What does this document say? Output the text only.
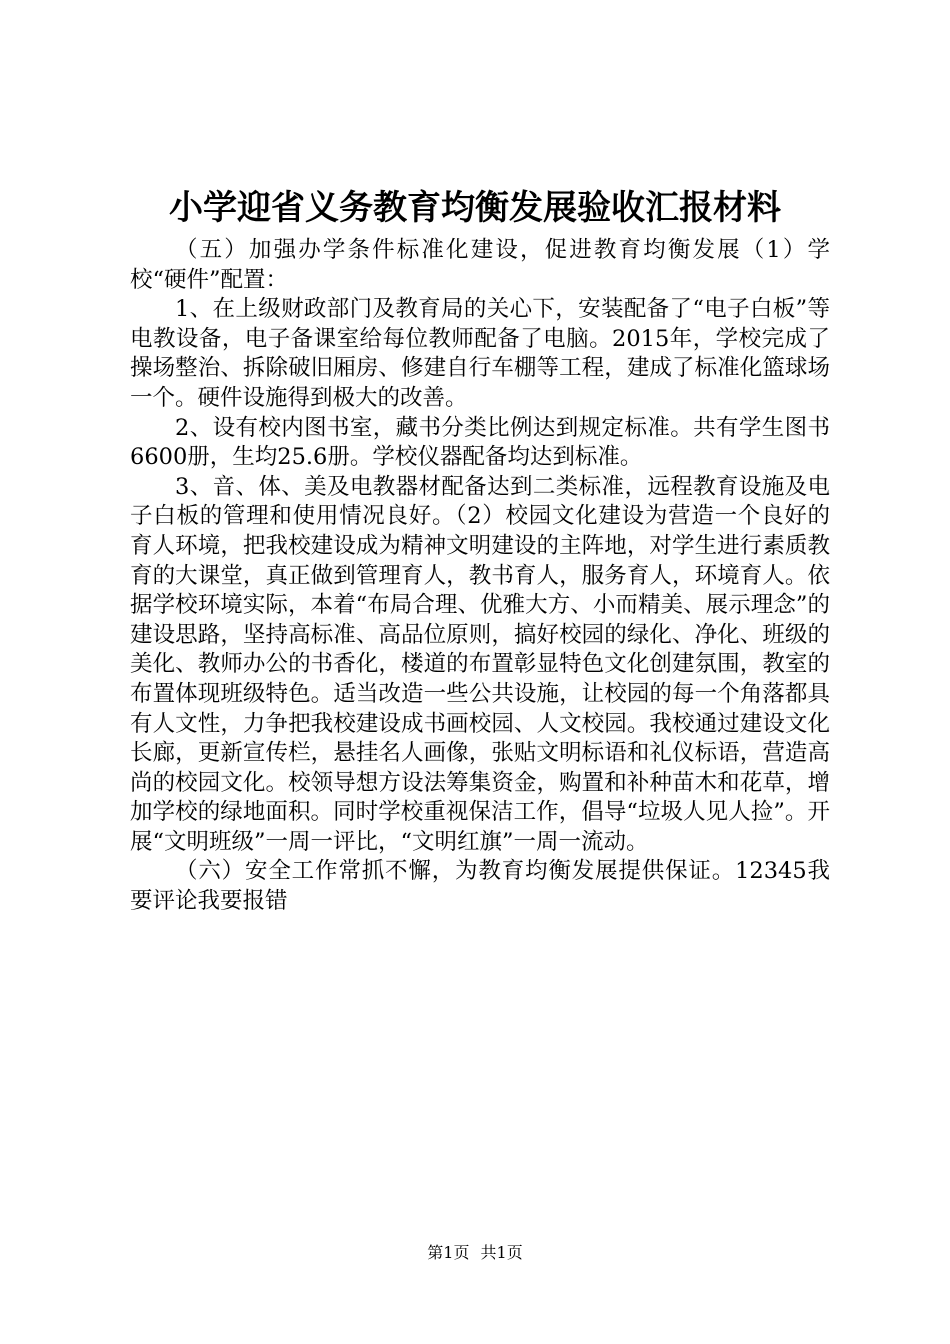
小学迎省义务教育均衡发展验收汇报材料

（五）加强办学条件标准化建设，促进教育均衡发展（1）学校“硬件”配置：

1、在上级财政部门及教育局的关心下，安装配备了“电子白板”等电教设备，电子备课室给每位教师配备了电脑。2015年，学校完成了操场整治、拆除破旧厢房、修建自行车棚等工程，建成了标准化篮球场一个。硬件设施得到极大的改善。

2、设有校内图书室，藏书分类比例达到规定标准。共有学生图书6600册，生均25.6册。学校仪器配备均达到标准。

3、音、体、美及电教器材配备达到二类标准，远程教育设施及电子白板的管理和使用情况良好。（2）校园文化建设为营造一个良好的育人环境，把我校建设成为精神文明建设的主阵地，对学生进行素质教育的大课堂，真正做到管理育人，教书育人，服务育人，环境育人。依据学校环境实际，本着“布局合理、优雅大方、小而精美、展示理念”的建设思路，坚持高标准、高品位原则，搞好校园的绿化、净化、班级的美化、教师办公的书香化，楼道的布置彰显特色文化创建氛围，教室的布置体现班级特色。适当改造一些公共设施，让校园的每一个角落都具有人文性，力争把我校建设成书画校园、人文校园。我校通过建设文化长廊，更新宣传栏，悬挂名人画像，张贴文明标语和礼仪标语，营造高尚的校园文化。校领导想方设法筹集资金，购置和补种苗木和花草，增加学校的绿地面积。同时学校重视保洁工作，倡导“垃圾人见人捡”。开展“文明班级”一周一评比，“文明红旗”一周一流动。

（六）安全工作常抓不懈，为教育均衡发展提供保证。12345我要评论我要报错

第1页 共1页
